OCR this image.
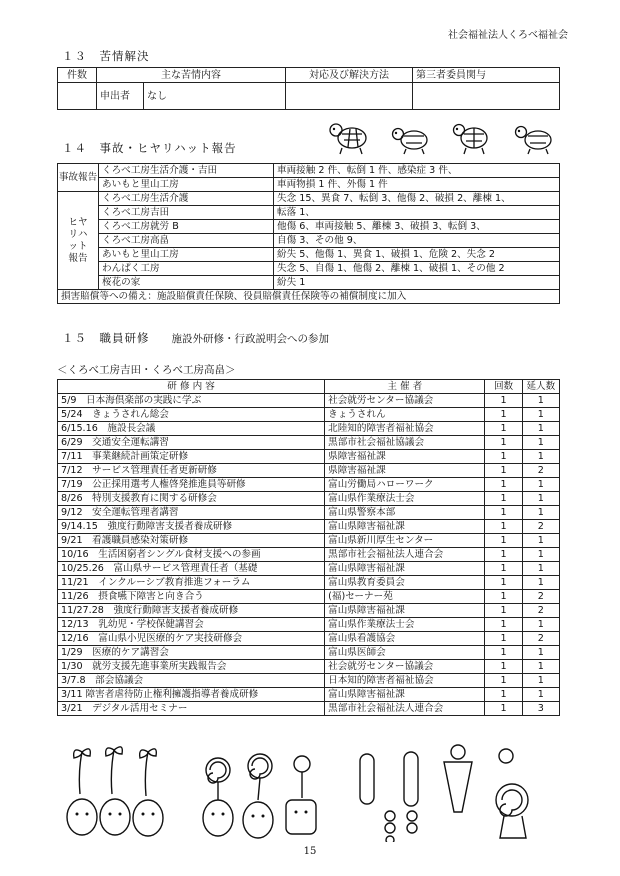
社会福祉法人くろべ福祉会
１３　苦情解決
件数	主な苦情内容		対応及び解決方法	第三者委員関与
	申出者	なし		
１４　事故・ヒヤリハット報告
事故報告	くろべ工房生活介護・吉田	車両接触 2 件、転倒 1 件、感染症 3 件、
	あいもと里山工房	車両物損 1 件、外傷 1 件
ヒヤリハット報告	くろべ工房生活介護	失念 15、異食 7、転倒 3、他傷 2、破損 2、離棟 1、
	くろべ工房吉田	転落 1、
	くろべ工房就労 B	他傷 6、車両接触 5、離棟 3、破損 3、転倒 3、
	くろべ工房高畠	自傷 3、その他 9、
	あいもと里山工房	紛失 5、他傷 1、異食 1、破損 1、危険 2、失念 2
	わんぱく工房	失念 5、自傷 1、他傷 2、離棟 1、破損 1、その他 2
	桜花の家	紛失 1
損害賠償等への備え：施設賠償責任保険、役員賠償責任保険等の補償制度に加入		
１５　職員研修 施設外研修・行政説明会への参加
＜くろべ工房吉田・くろべ工房高畠＞
研 修 内 容	主 催 者	回数	延人数
5/9　日本海倶楽部の実践に学ぶ	社会就労センター協議会	1	1
5/24　きょうされん総会	きょうされん	1	1
6/15.16　施設長会議	北陸知的障害者福祉協会	1	1
6/29　交通安全運転講習	黒部市社会福祉協議会	1	1
7/11　事業継続計画策定研修	県障害福祉課	1	1
7/12　サービス管理責任者更新研修	県障害福祉課	1	2
7/19　公正採用選考人権啓発推進員等研修	富山労働局ハローワーク	1	1
8/26　特別支援教育に関する研修会	富山県作業療法士会	1	1
9/12　安全運転管理者講習	富山県警察本部	1	1
9/14.15　強度行動障害支援者養成研修	富山県障害福祉課	1	2
9/21　看護職員感染対策研修	富山県新川厚生センター	1	1
10/16　生活困窮者シングル食材支援への参画	黒部市社会福祉法人連合会	1	1
10/25.26　富山県サービス管理責任者（基礎	富山県障害福祉課	1	1
11/21　インクルーシブ教育推進フォーラム	富山県教育委員会	1	1
11/26　摂食嚥下障害と向き合う	(福)セーナー苑	1	2
11/27.28　強度行動障害支援者養成研修	富山県障害福祉課	1	2
12/13　乳幼児・学校保健講習会	富山県作業療法士会	1	1
12/16　富山県小児医療的ケア実技研修会	富山県看護協会	1	2
1/29　医療的ケア講習会	富山県医師会	1	1
1/30　就労支援先進事業所実践報告会	社会就労センター協議会	1	1
3/7.8　部会協議会	日本知的障害者福祉協会	1	1
3/11 障害者虐待防止権利擁護指導者養成研修	富山県障害福祉課	1	1
3/21　デジタル活用セミナー	黒部市社会福祉法人連合会	1	3
15
